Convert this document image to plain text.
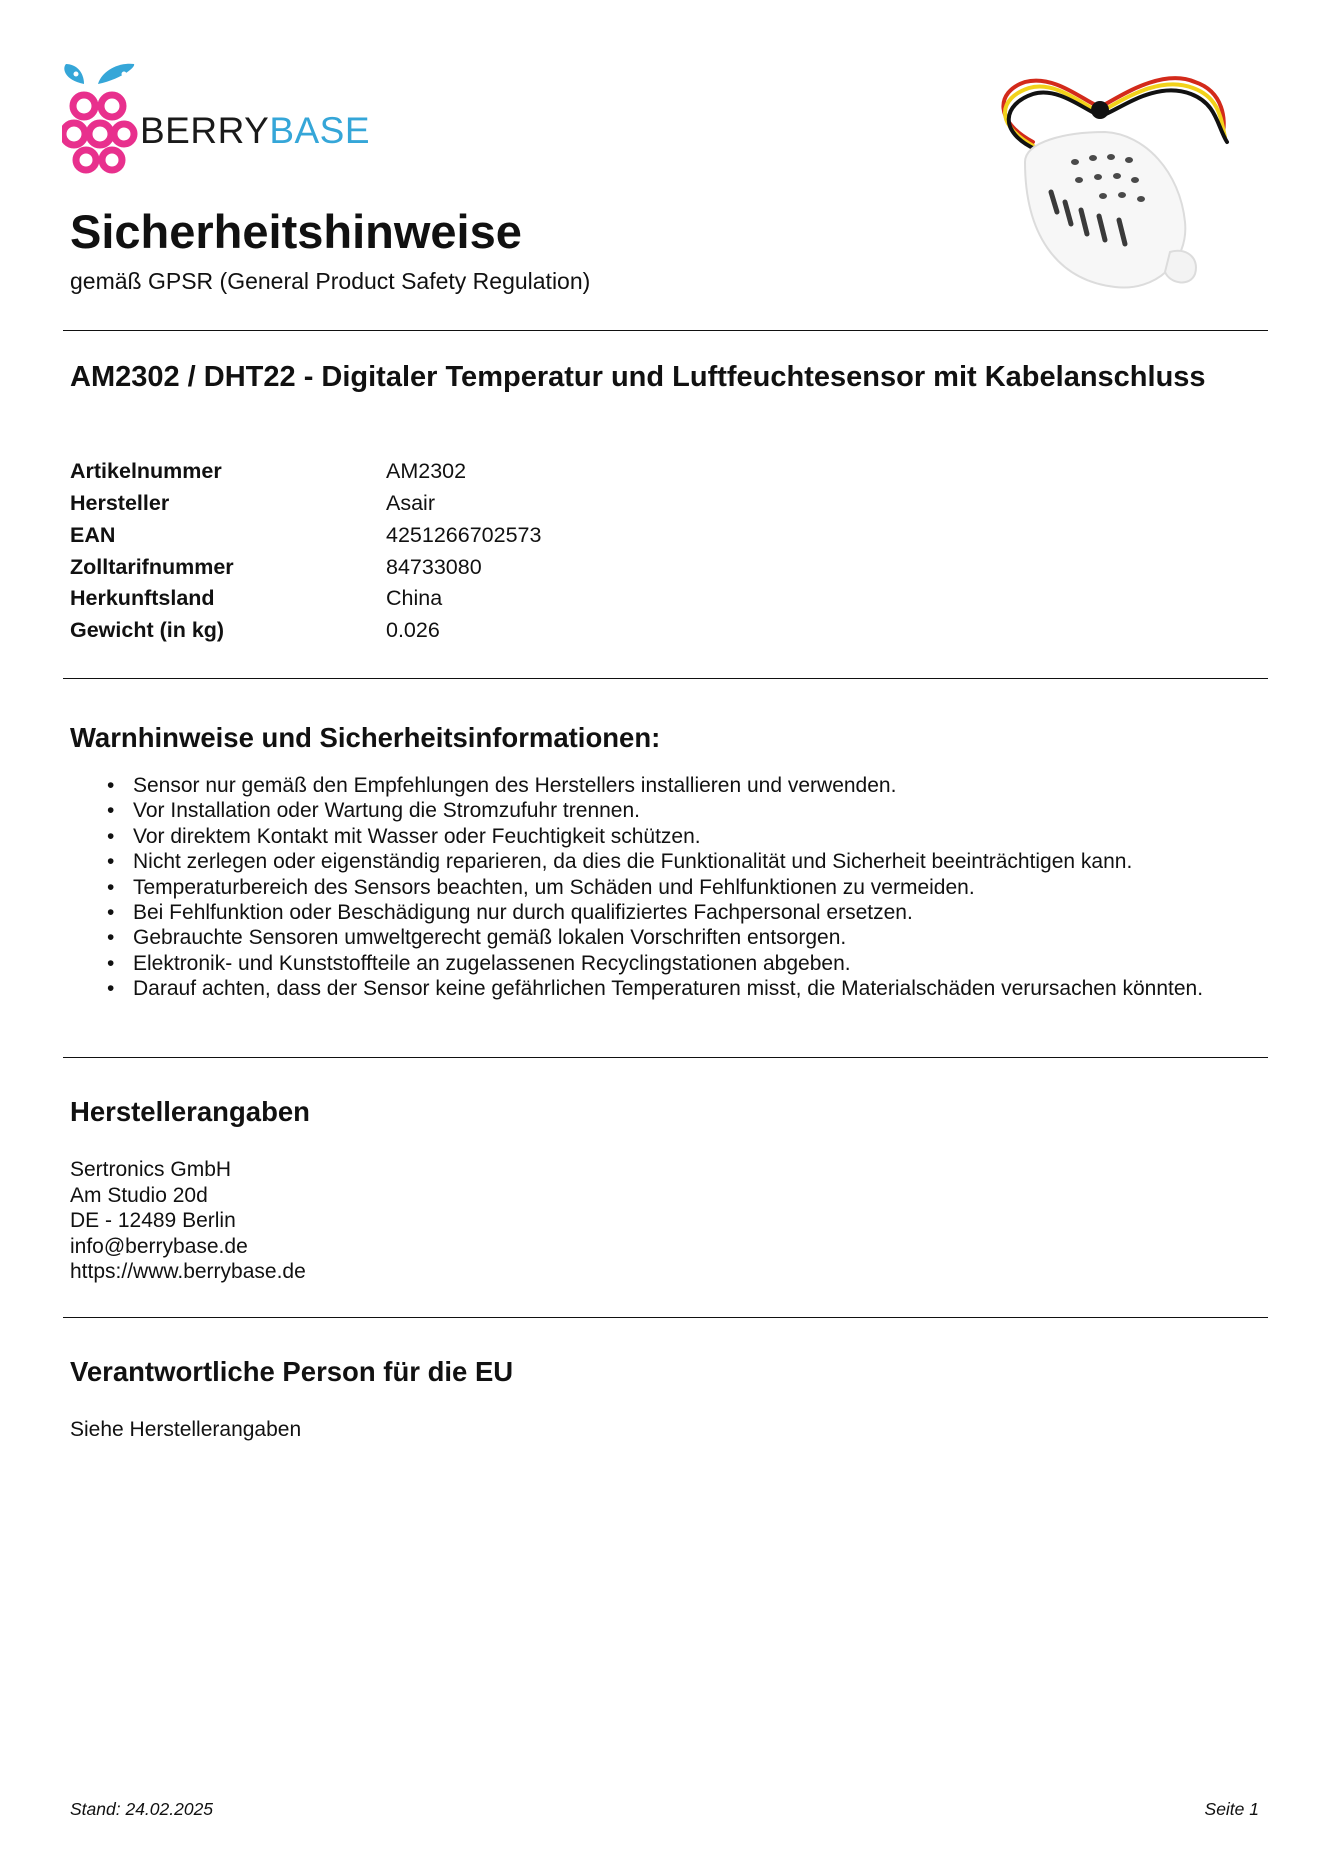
BERRYBASE
Sicherheitshinweise
gemäß GPSR (General Product Safety Regulation)
AM2302 / DHT22 - Digitaler Temperatur und Luftfeuchtesensor mit Kabelanschluss
Artikelnummer	AM2302
Hersteller	Asair
EAN	4251266702573
Zolltarifnummer	84733080
Herkunftsland	China
Gewicht (in kg)	0.026
Warnhinweise und Sicherheitsinformationen:
• Sensor nur gemäß den Empfehlungen des Herstellers installieren und verwenden.
• Vor Installation oder Wartung die Stromzufuhr trennen.
• Vor direktem Kontakt mit Wasser oder Feuchtigkeit schützen.
• Nicht zerlegen oder eigenständig reparieren, da dies die Funktionalität und Sicherheit beeinträchtigen kann.
• Temperaturbereich des Sensors beachten, um Schäden und Fehlfunktionen zu vermeiden.
• Bei Fehlfunktion oder Beschädigung nur durch qualifiziertes Fachpersonal ersetzen.
• Gebrauchte Sensoren umweltgerecht gemäß lokalen Vorschriften entsorgen.
• Elektronik- und Kunststoffteile an zugelassenen Recyclingstationen abgeben.
• Darauf achten, dass der Sensor keine gefährlichen Temperaturen misst, die Materialschäden verursachen könnten.
Herstellerangaben
Sertronics GmbH
Am Studio 20d
DE - 12489 Berlin
info@berrybase.de
https://www.berrybase.de
Verantwortliche Person für die EU
Siehe Herstellerangaben
Stand: 24.02.2025	Seite 1
